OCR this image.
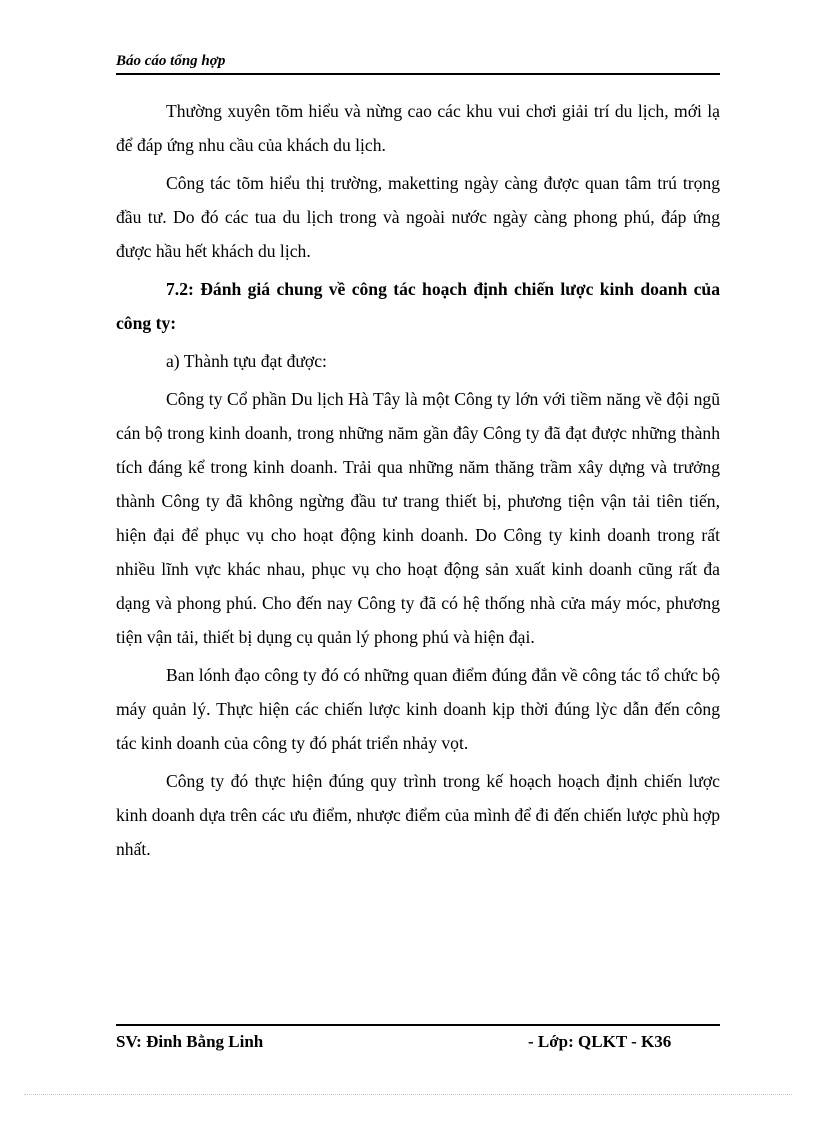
Báo cáo tổng hợp

Thường xuyên tõm hiểu và nừng cao các khu vui chơi giải trí du lịch, mới lạ để đáp ứng nhu cầu của khách du lịch.

Công tác tõm hiểu thị trường, maketting ngày càng được quan tâm trú trọng đầu tư. Do đó các tua du lịch trong và ngoài nước ngày càng phong phú, đáp ứng được hầu hết khách du lịch.

7.2: Đánh giá chung về công tác hoạch định chiến lược kinh doanh của công ty:

a) Thành tựu đạt được:

Công ty Cổ phần Du lịch Hà Tây là một Công ty lớn với tiềm năng về đội ngũ cán bộ trong kinh doanh, trong những năm gần đây Công ty đã đạt được những thành tích đáng kể trong kinh doanh. Trải qua những năm thăng trầm xây dựng và trưởng thành Công ty đã không ngừng đầu tư trang thiết bị, phương tiện vận tải tiên tiến, hiện đại để phục vụ cho hoạt động kinh doanh. Do Công ty kinh doanh trong rất nhiều lĩnh vực khác nhau, phục vụ cho hoạt động sản xuất kinh doanh cũng rất đa dạng và phong phú. Cho đến nay Công ty đã có hệ thống nhà cửa máy móc, phương tiện vận tải, thiết bị dụng cụ quản lý phong phú và hiện đại.

Ban lónh đạo công ty đó có những quan điểm đúng đắn về công tác tổ chức bộ máy quản lý. Thực hiện các chiến lược kinh doanh kịp thời đúng lỳc dẫn đến công tác kinh doanh của công ty đó phát triển nhảy vọt.

Công ty đó thực hiện đúng quy trình trong kế hoạch hoạch định chiến lược kinh doanh dựa trên các ưu điểm, nhược điểm của mình để đi đến chiến lược phù hợp nhất.

SV: Đinh Bằng Linh	- Lớp: QLKT - K36
